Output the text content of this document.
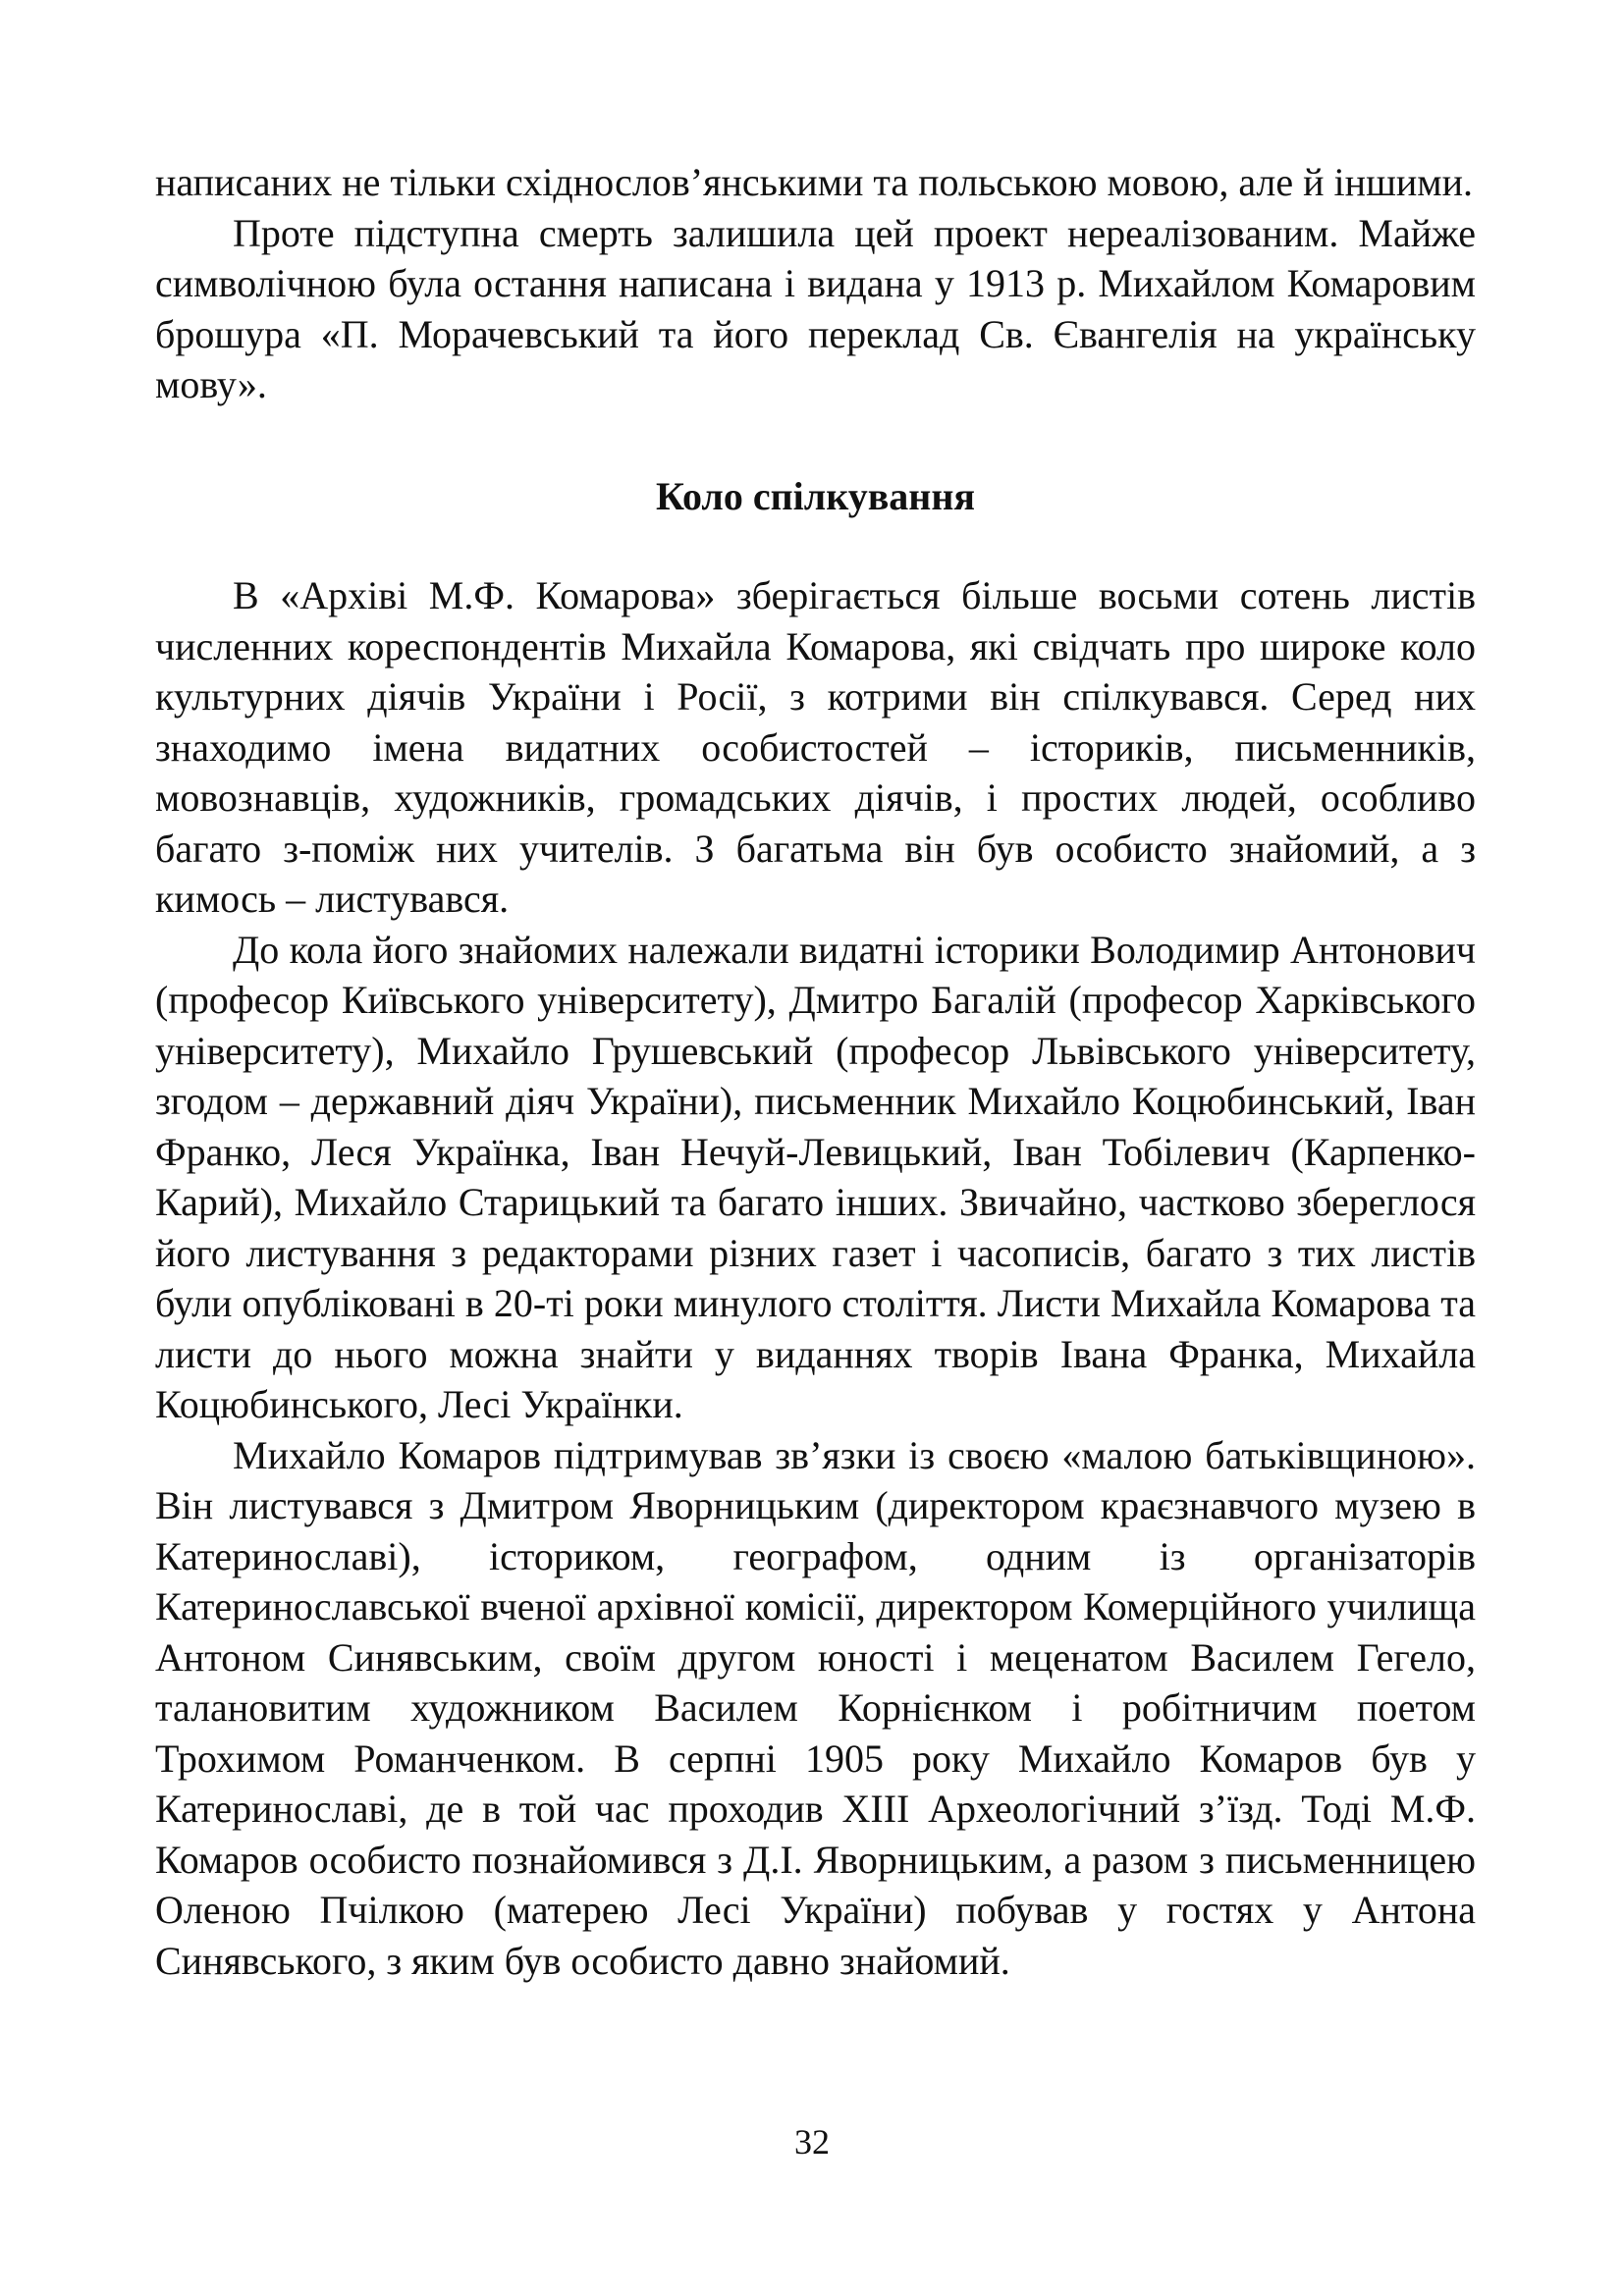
написаних не тільки східнослов’янськими та польською мовою, але й іншими.

Проте підступна смерть залишила цей проект нереалізованим. Майже символічною була остання написана і видана у 1913 р. Михайлом Комаровим брошура «П. Морачевський та його переклад Св. Євангелія на українську мову».

Коло спілкування

В «Архіві М.Ф. Комарова» зберігається більше восьми сотень листів численних кореспондентів Михайла Комарова, які свідчать про широке коло культурних діячів України і Росії, з котрими він спілкувався. Серед них знаходимо імена видатних особистостей – істориків, письменників, мовознавців, художників, громадських діячів, і простих людей, особливо багато з-поміж них учителів. З багатьма він був особисто знайомий, а з кимось – листувався.

До кола його знайомих належали видатні історики Володимир Антонович (професор Київського університету), Дмитро Багалій (професор Харківського університету), Михайло Грушевський (професор Львівського університету, згодом – державний діяч України), письменник Михайло Коцюбинський, Іван Франко, Леся Українка, Іван Нечуй-Левицький, Іван Тобілевич (Карпенко-Карий), Михайло Старицький та багато інших. Звичайно, частково збереглося його листування з редакторами різних газет і часописів, багато з тих листів були опубліковані в 20-ті роки минулого століття. Листи Михайла Комарова та листи до нього можна знайти у виданнях творів Івана Франка, Михайла Коцюбинського, Лесі Українки.

Михайло Комаров підтримував зв’язки із своєю «малою батьківщиною». Він листувався з Дмитром Яворницьким (директором краєзнавчого музею в Катеринославі), істориком, географом, одним із організаторів Катеринославської вченої архівної комісії, директором Комерційного училища Антоном Синявським, своїм другом юності і меценатом Василем Гегело, талановитим художником Василем Корнієнком і робітничим поетом Трохимом Романченком. В серпні 1905 року Михайло Комаров був у Катеринославі, де в той час проходив ХІІІ Археологічний з’їзд. Тоді М.Ф. Комаров особисто познайомився з Д.І. Яворницьким, а разом з письменницею Оленою Пчілкою (матерею Лесі України) побував у гостях у Антона Синявського, з яким був особисто давно знайомий.

32
